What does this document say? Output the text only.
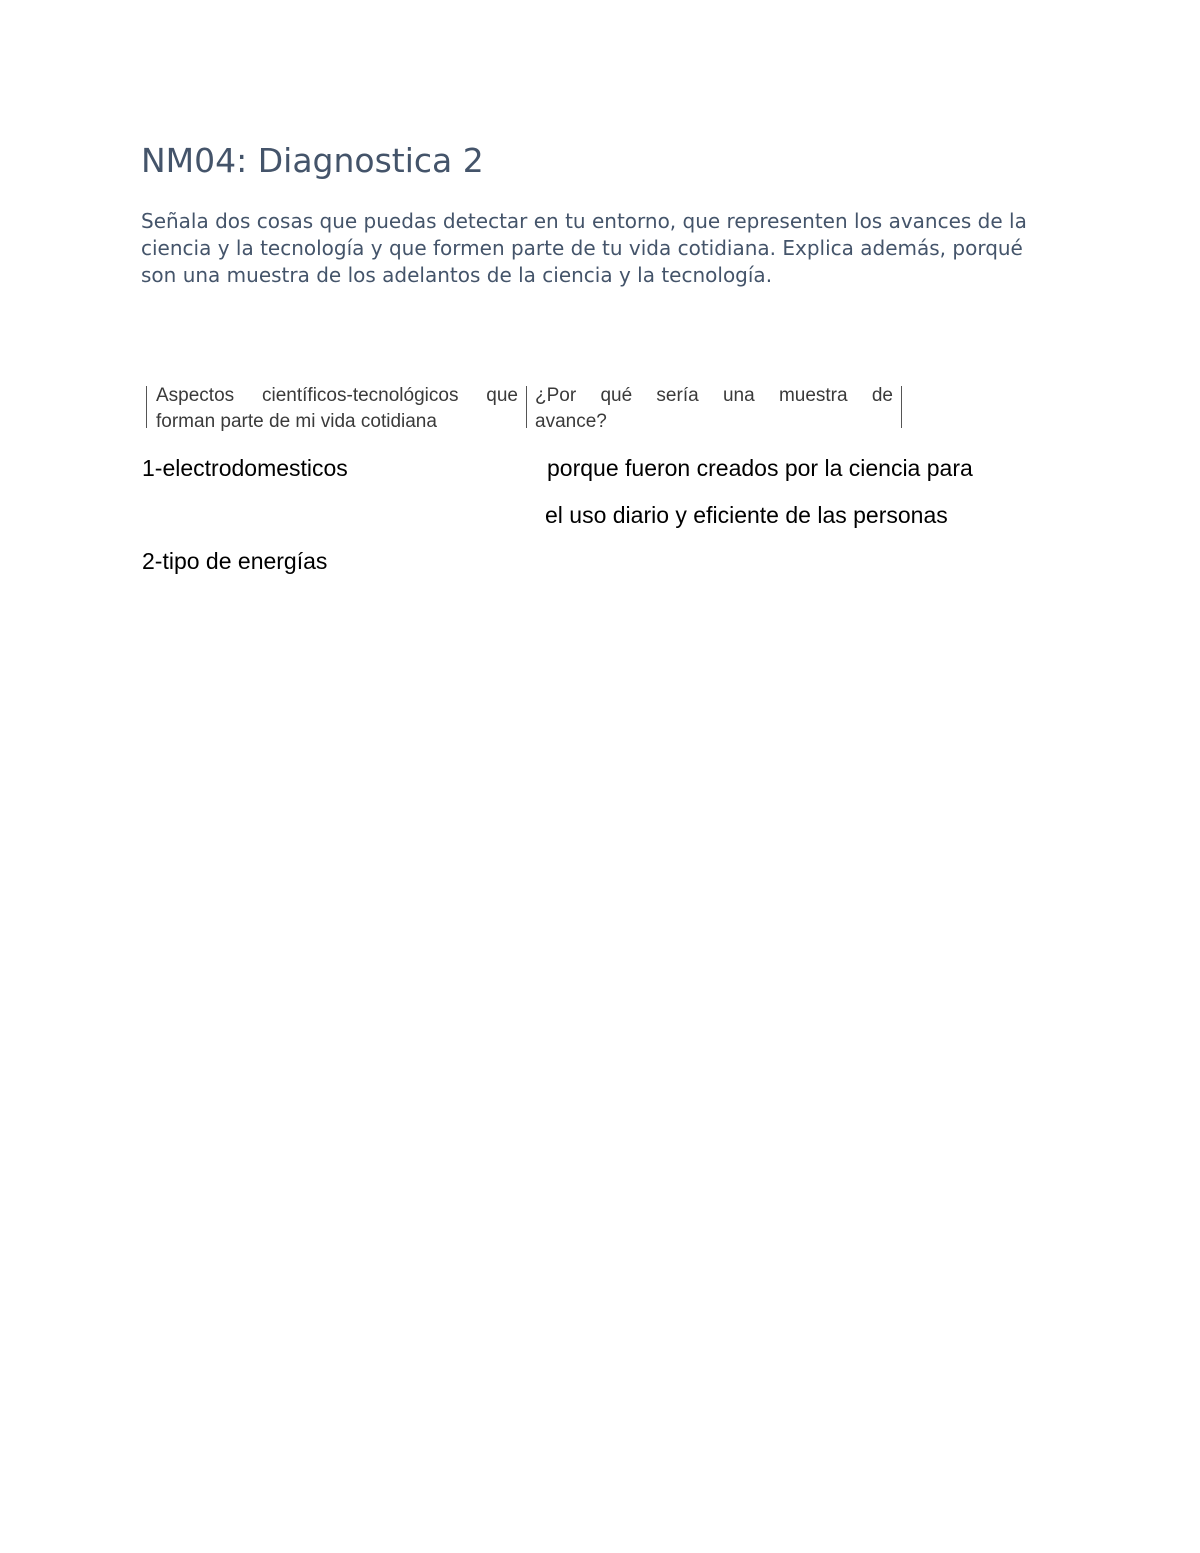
NM04: Diagnostica 2

Señala dos cosas que puedas detectar en tu entorno, que representen los avances de la ciencia y la tecnología y que formen parte de tu vida cotidiana. Explica además, porqué son una muestra de los adelantos de la ciencia y la tecnología.

Aspectos científicos-tecnológicos que
forman parte de mi vida cotidiana
¿Por qué sería una muestra de
avance?

1-electrodomesticos	porque fueron creados por la ciencia para

el uso diario y eficiente de las personas

2-tipo de energías
